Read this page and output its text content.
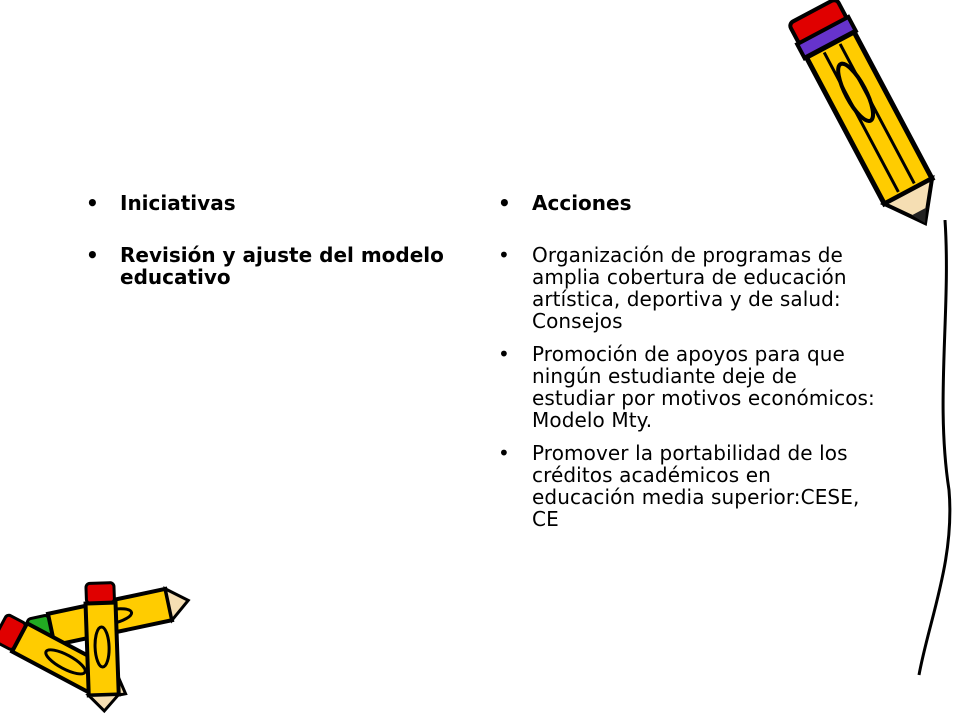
• Iniciativas
• Revisión y ajuste del modelo educativo
• Acciones
• Organización de programas de amplia cobertura de educación artística, deportiva y de salud: Consejos
• Promoción de apoyos para que ningún estudiante deje de estudiar por motivos económicos: Modelo Mty.
• Promover la portabilidad de los créditos académicos en educación media superior:CESE, CE
